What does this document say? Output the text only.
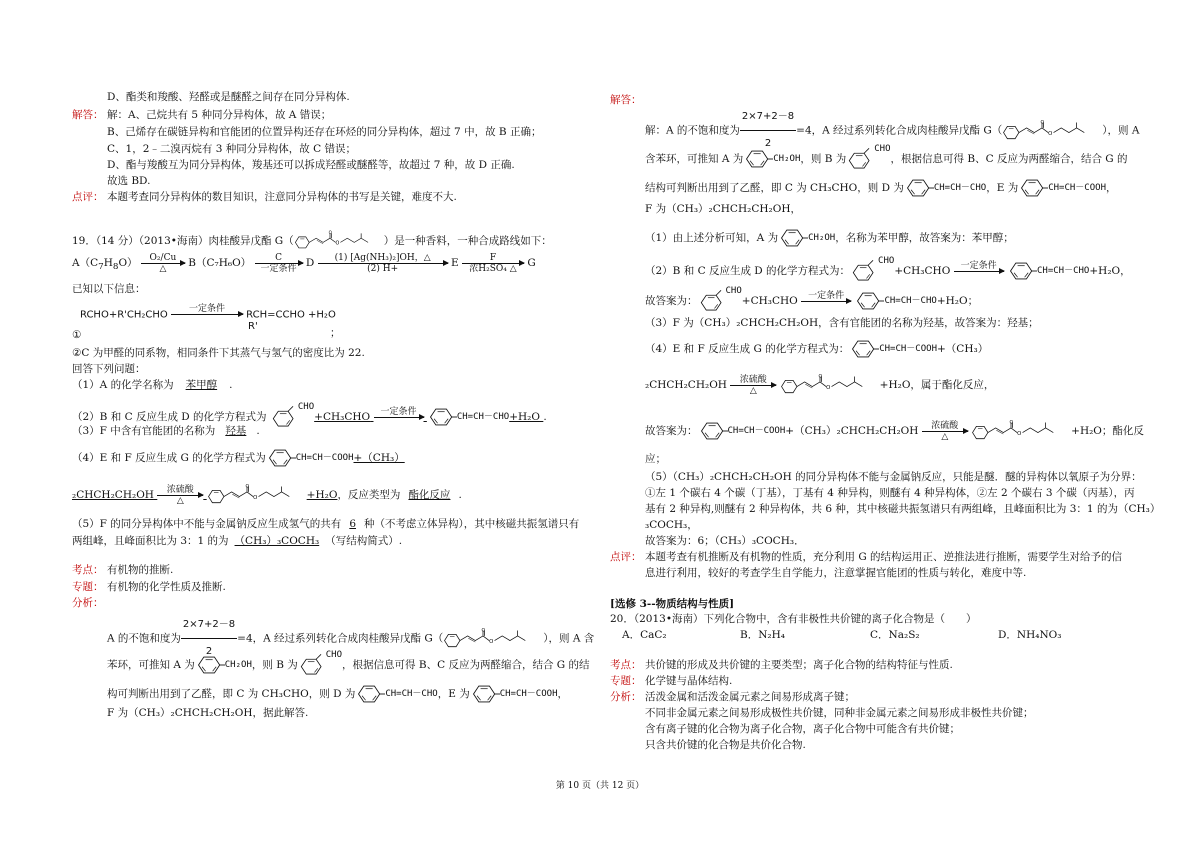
D、酯类和羧酸、羟醛或是醚醛之间存在同分异构体.
解答： 解：A、己烷共有 5 种同分异构体，故 A 错误；
B、己烯存在碳链异构和官能团的位置异构还存在环烃的同分异构体，超过 7 中，故 B 正确；
C、1，2﹣二溴丙烷有 3 种同分异构体，故 C 错误；
D、酯与羧酸互为同分异构体，羧基还可以拆成羟醛或醚醛等，故超过 7 种，故 D 正确.
故选 BD.
点评： 本题考查同分异构体的数目知识，注意同分异构体的书写是关键，难度不大.
19．（14 分）（2013•海南）肉桂酸异戊酯 G（	）是一种香料，一种合成路线如下：
$A(C_7H_8O)$	O₂/Cu
△	B（C₇H₆O）	C
一定条件 D $\frac{\text{(1) [Ag(NH₃)₂]OH，△}}{(2) H+}$ E	F
浓H₂SO₄ △	G
已知以下信息：
RCHO+R'CH₂CHO
一定条件

RCH=CCHO +H₂O
R'
①	；
②C 为甲醛的同系物，相同条件下其蒸气与氢气的密度比为 22.
回答下列问题：
（1）A 的化学名称为 苯甲醇 .
（2）B 和 C 反应生成 D 的化学方程式为
CHO
+CH₃CHO	一定条件

CH=CH－CHO +H₂O .
（3）F 中含有官能团的名称为 羟基 .
（4）E 和 F 反应生成 G 的化学方程式为	CH=CH－COOH +（CH₃）
₂CHCH₂CH₂OH	浓硫酸
△	+H₂O，反应类型为 酯化反应 .
（5）F 的同分异构体中不能与金属钠反应生成氢气的共有 6 种（不考虑立体异构），其中核磁共振氢谱只有
两组峰，且峰面积比为 3：1 的为 （CH₃）₃COCH₃ （写结构简式）.
考点： 有机物的推断.
专题： 有机物的化学性质及推断.
分析：
A 的不饱和度为 $\frac{2\times 7+2-8}{2} =4$，A 经过系列转化合成肉桂酸异戊酯 G（	），则 A 含
苯环，可推知 A 为	CH₂OH ，则 B 为
CHO
，根据信息可得 B、C 反应为两醛缩合，结合 G 的结
构可判断出用到了乙醛，即 C 为 CH₃CHO，则 D 为	CH=CH－CHO ，E 为	CH=CH－COOH ，
F 为（CH₃）₂CHCH₂CH₂OH，据此解答.
解答：
解：A 的不饱和度为 $\frac{2\times 7+2-8}{2} =4$，A 经过系列转化合成肉桂酸异戊酯 G（	），则 A
含苯环，可推知 A 为	CH₂OH ，则 B 为
CHO
，根据信息可得 B、C 反应为两醛缩合，结合 G 的
结构可判断出用到了乙醛，即 C 为 CH₃CHO，则 D 为	CH=CH－CHO ，E 为	CH=CH－COOH ，
F 为（CH₃）₂CHCH₂CH₂OH，
（1）由上述分析可知，A 为	CH₂OH ，名称为苯甲醇，故答案为：苯甲醇；
（2）B 和 C 反应生成 D 的化学方程式为：
CHO
+CH₃CHO	一定条件

CH=CH－CHO +H₂O，
故答案为：
CHO
+CH₃CHO	一定条件

CH=CH－CHO +H₂O；
（3）F 为（CH₃）₂CHCH₂CH₂OH，含有官能团的名称为羟基，故答案为：羟基；
（4）E 和 F 反应生成 G 的化学方程式为：	CH=CH－COOH +（CH₃）
₂CHCH₂CH₂OH	浓硫酸
△	+H₂O，属于酯化反应，
故答案为：	CH=CH－COOH +（CH₃）₂CHCH₂CH₂OH	浓硫酸
△	+H₂O；酯化反
应；
（5）（CH₃）₂CHCH₂CH₂OH 的同分异构体不能与金属钠反应，只能是醚．醚的异构体以氧原子为分界：
①左 1 个碳右 4 个碳（丁基），丁基有 4 种异构，则醚有 4 种异构体，②左 2 个碳右 3 个碳（丙基），丙
基有 2 种异构,则醚有 2 种异构体，共 6 种，其中核磁共振氢谱只有两组峰，且峰面积比为 3：1 的为（CH₃）
₃COCH₃，
故答案为：6；（CH₃）₃COCH₃．
点评： 本题考查有机推断及有机物的性质，充分利用 G 的结构运用正、逆推法进行推断，需要学生对给予的信
息进行利用，较好的考查学生自学能力，注意掌握官能团的性质与转化，难度中等.
[选修 3--物质结构与性质]
20．（2013•海南）下列化合物中，含有非极性共价键的离子化合物是（　　）
A．CaC₂	B．N₂H₄	C．Na₂S₂	D．NH₄NO₃
考点： 共价键的形成及共价键的主要类型；离子化合物的结构特征与性质.
专题： 化学键与晶体结构.
分析： 活泼金属和活泼金属元素之间易形成离子键；
不同非金属元素之间易形成极性共价键，同种非金属元素之间易形成非极性共价键；
含有离子键的化合物为离子化合物，离子化合物中可能含有共价键；
只含共价键的化合物是共价化合物.
第 10 页（共 12 页）
